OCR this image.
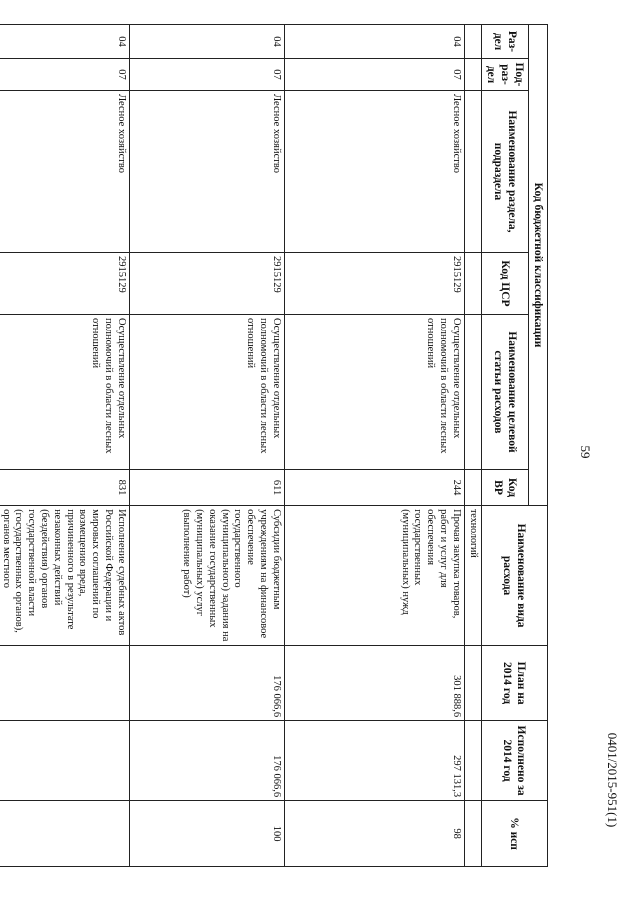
59
0401/2015-951(1)
Код бюджетной классификации						Наименование вида расхода	План на 2014 год	Исполнено за 2014 год	% исп
Раз-дел	Под-раз-дел	Наименование раздела, подраздела	Код ЦСР	Наименование целевой статьи расходов	Код ВР				
						технологий			
04	07	Лесное хозяйство	2915129	Осуществление отдельных полномочий в области лесных отношений	244	Прочая закупка товаров, работ и услуг для обеспечения государственных (муниципальных) нужд	301 888,6	297 131,3	98
04	07	Лесное хозяйство	2915129	Осуществление отдельных полномочий в области лесных отношений	611	Субсидии бюджетным учреждениям на финансовое обеспечение государственного (муниципального) задания на оказание государственных (муниципальных) услуг (выполнение работ)	176 066,6	176 066,6	100
04	07	Лесное хозяйство	2915129	Осуществление отдельных полномочий в области лесных отношений	831	Исполнение судебных актов Российской Федерации и мировых соглашений по возмещению вреда, причиненного в результате незаконных действий (бездействия) органов государственной власти (государственных органов), органов местного			
